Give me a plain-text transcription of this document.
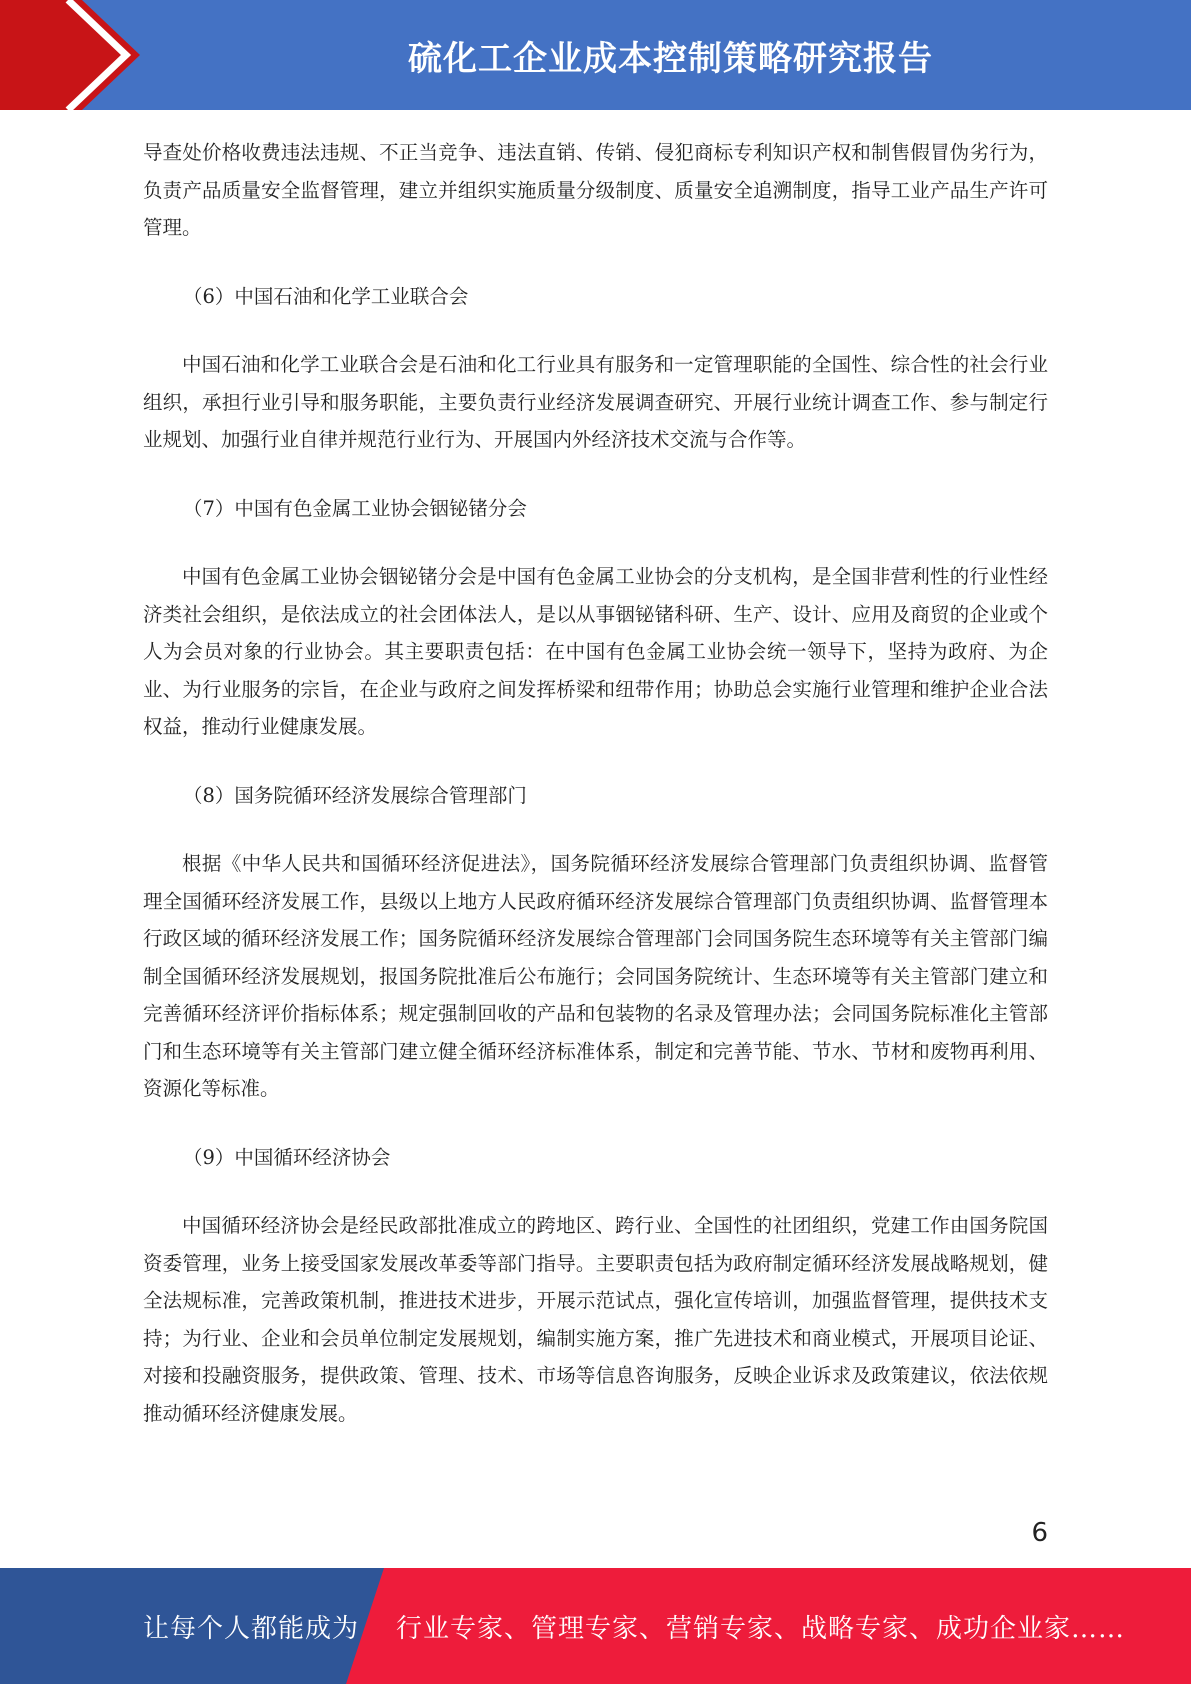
硫化工企业成本控制策略研究报告

导查处价格收费违法违规、不正当竞争、违法直销、传销、侵犯商标专利知识产权和制售假冒伪劣行为，负责产品质量安全监督管理，建立并组织实施质量分级制度、质量安全追溯制度，指导工业产品生产许可管理。

（6）中国石油和化学工业联合会

中国石油和化学工业联合会是石油和化工行业具有服务和一定管理职能的全国性、综合性的社会行业组织，承担行业引导和服务职能，主要负责行业经济发展调查研究、开展行业统计调查工作、参与制定行业规划、加强行业自律并规范行业行为、开展国内外经济技术交流与合作等。

（7）中国有色金属工业协会铟铋锗分会

中国有色金属工业协会铟铋锗分会是中国有色金属工业协会的分支机构，是全国非营利性的行业性经济类社会组织，是依法成立的社会团体法人，是以从事铟铋锗科研、生产、设计、应用及商贸的企业或个人为会员对象的行业协会。其主要职责包括：在中国有色金属工业协会统一领导下，坚持为政府、为企业、为行业服务的宗旨，在企业与政府之间发挥桥梁和纽带作用；协助总会实施行业管理和维护企业合法权益，推动行业健康发展。

（8）国务院循环经济发展综合管理部门

根据《中华人民共和国循环经济促进法》，国务院循环经济发展综合管理部门负责组织协调、监督管理全国循环经济发展工作，县级以上地方人民政府循环经济发展综合管理部门负责组织协调、监督管理本行政区域的循环经济发展工作；国务院循环经济发展综合管理部门会同国务院生态环境等有关主管部门编制全国循环经济发展规划，报国务院批准后公布施行；会同国务院统计、生态环境等有关主管部门建立和完善循环经济评价指标体系；规定强制回收的产品和包装物的名录及管理办法；会同国务院标准化主管部门和生态环境等有关主管部门建立健全循环经济标准体系，制定和完善节能、节水、节材和废物再利用、资源化等标准。

（9）中国循环经济协会

中国循环经济协会是经民政部批准成立的跨地区、跨行业、全国性的社团组织，党建工作由国务院国资委管理，业务上接受国家发展改革委等部门指导。主要职责包括为政府制定循环经济发展战略规划，健全法规标准，完善政策机制，推进技术进步，开展示范试点，强化宣传培训，加强监督管理，提供技术支持；为行业、企业和会员单位制定发展规划，编制实施方案，推广先进技术和商业模式，开展项目论证、对接和投融资服务，提供政策、管理、技术、市场等信息咨询服务，反映企业诉求及政策建议，依法依规推动循环经济健康发展。

6
让每个人都能成为 行业专家、管理专家、营销专家、战略专家、成功企业家……
